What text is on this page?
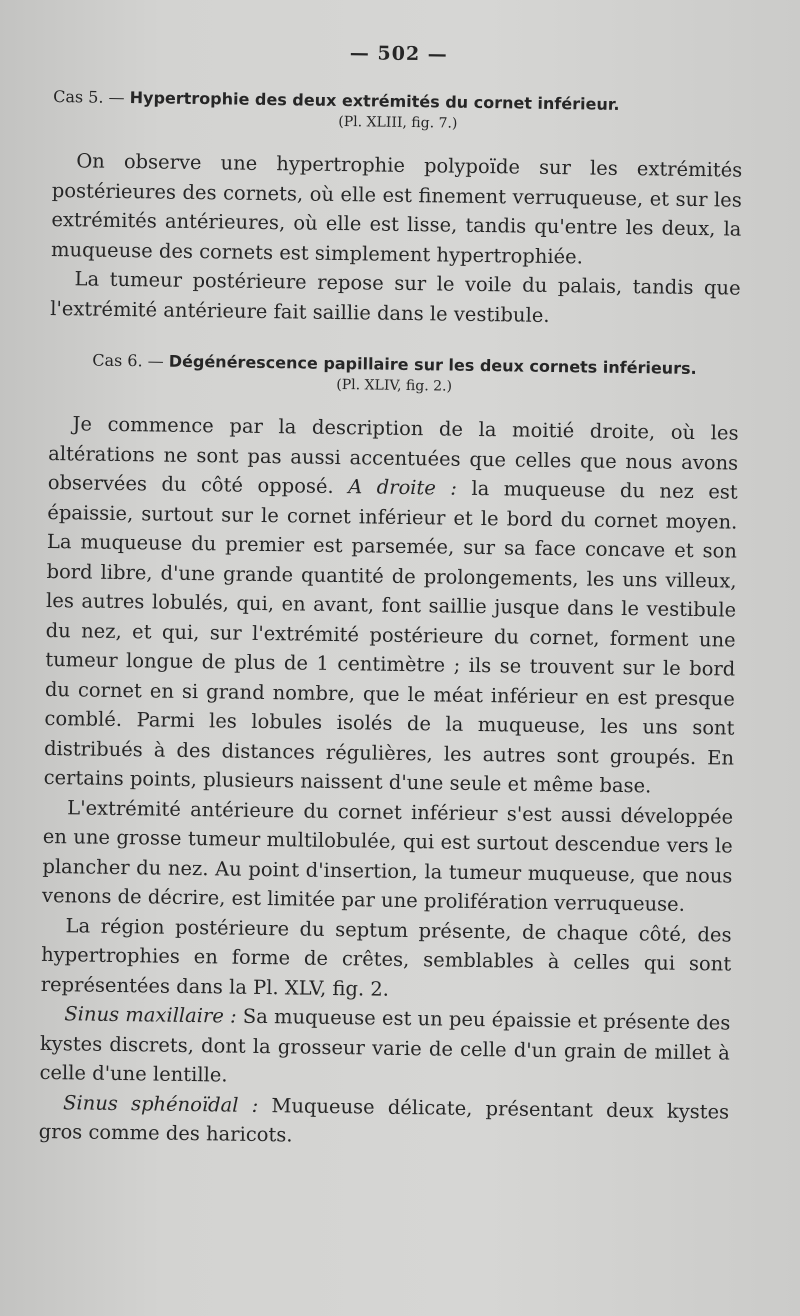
— 502 —

Cas 5. — Hypertrophie des deux extrémités du cornet inférieur.

(Pl. XLIII, fig. 7.)

On observe une hypertrophie polypoïde sur les extrémités postérieures des cornets, où elle est finement verruqueuse, et sur les extrémités antérieures, où elle est lisse, tandis qu'entre les deux, la muqueuse des cornets est simplement hypertrophiée.

La tumeur postérieure repose sur le voile du palais, tandis que l'extrémité antérieure fait saillie dans le vestibule.

Cas 6. — Dégénérescence papillaire sur les deux cornets inférieurs.

(Pl. XLIV, fig. 2.)

Je commence par la description de la moitié droite, où les altérations ne sont pas aussi accentuées que celles que nous avons observées du côté opposé. A droite : la muqueuse du nez est épaissie, surtout sur le cornet inférieur et le bord du cornet moyen. La muqueuse du premier est parsemée, sur sa face concave et son bord libre, d'une grande quantité de prolongements, les uns villeux, les autres lobulés, qui, en avant, font saillie jusque dans le vestibule du nez, et qui, sur l'extrémité postérieure du cornet, forment une tumeur longue de plus de 1 centimètre ; ils se trouvent sur le bord du cornet en si grand nombre, que le méat inférieur en est presque comblé. Parmi les lobules isolés de la muqueuse, les uns sont distribués à des distances régulières, les autres sont groupés. En certains points, plusieurs naissent d'une seule et même base.

L'extrémité antérieure du cornet inférieur s'est aussi développée en une grosse tumeur multilobulée, qui est surtout descendue vers le plancher du nez. Au point d'insertion, la tumeur muqueuse, que nous venons de décrire, est limitée par une prolifération verruqueuse.

La région postérieure du septum présente, de chaque côté, des hypertrophies en forme de crêtes, semblables à celles qui sont représentées dans la Pl. XLV, fig. 2.

Sinus maxillaire : Sa muqueuse est un peu épaissie et présente des kystes discrets, dont la grosseur varie de celle d'un grain de millet à celle d'une lentille.

Sinus sphénoïdal : Muqueuse délicate, présentant deux kystes gros comme des haricots.
